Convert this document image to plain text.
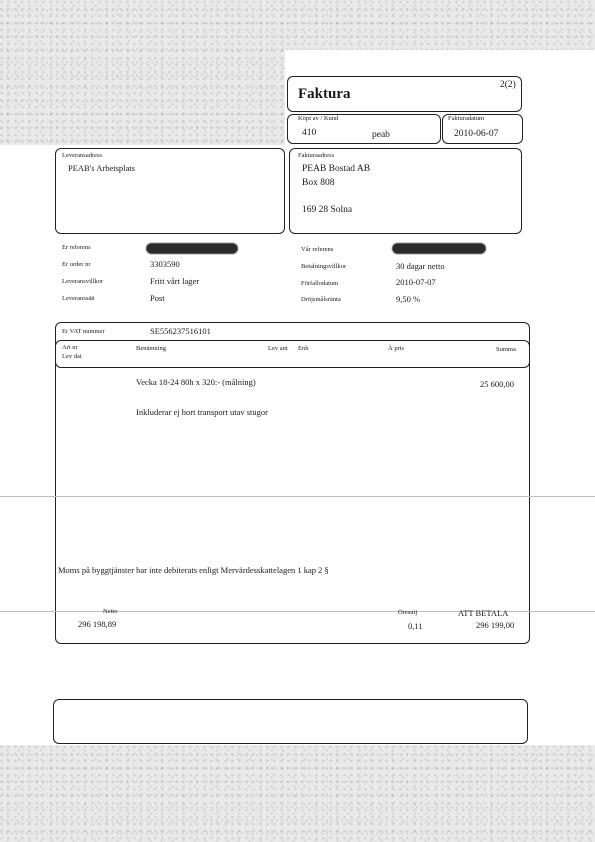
Faktura
2(2)
Köpt av / Kund
410	peab
Fakturadatum
2010-06-07
Leveransadress
PEAB's Arbetsplats
Fakturaadress
PEAB Bostad AB
Box 808
169 28 Solna
Er referens
Er order nr	3303590
Leveransvillkor	Fritt vårt lager
Leveranssätt	Post
Vår referens
Betalningsvillkor	30 dagar netto
Förfallodatum	2010-07-07
Dröjsmålsränta	9,50 %
Er VAT nummer	SE556237516101
Art nr
Lev dat
Benämning	Lev ant Enh	À pris	Summa
Vecka 18-24 80h x 320:- (målning)	25 600,00
Inkluderar ej hort transport utav stugor
Moms på byggtjänster bar inte debiterats enligt Mervärdesskattelagen 1 kap 2 §
Netto
296 198,89
Öresutj
0,11
ATT BETALA
296 199,00
